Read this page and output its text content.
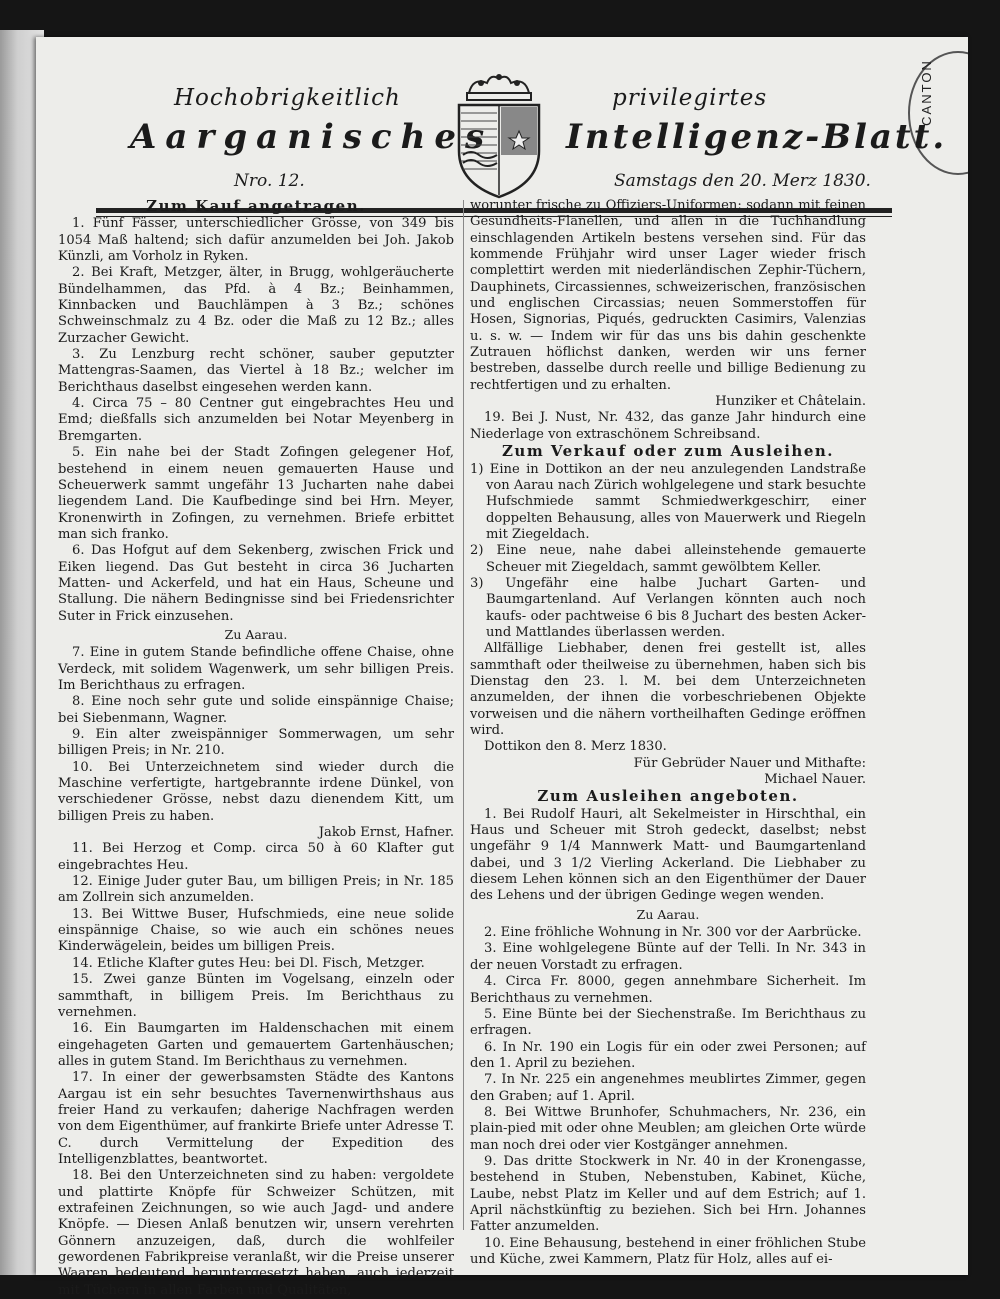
CANTON
Hochobrigkeitlich
Aarganisches
privilegirtes
Intelligenz-Blatt.
Nro. 12.	Samstags den 20. Merz 1830.
Zum Kauf angetragen.

1. Fünf Fässer, unterschiedlicher Grösse, von 349 bis 1054 Maß haltend; sich dafür anzumelden bei Joh. Jakob Künzli, am Vorholz in Ryken.

2. Bei Kraft, Metzger, älter, in Brugg, wohlgeräucherte Bündelhammen, das Pfd. à 4 Bz.; Beinhammen, Kinnbacken und Bauchlämpen à 3 Bz.; schönes Schweinschmalz zu 4 Bz. oder die Maß zu 12 Bz.; alles Zurzacher Gewicht.

3. Zu Lenzburg recht schöner, sauber geputzter Mattengras-Saamen, das Viertel à 18 Bz.; welcher im Berichthaus daselbst eingesehen werden kann.

4. Circa 75 – 80 Centner gut eingebrachtes Heu und Emd; dießfalls sich anzumelden bei Notar Meyenberg in Bremgarten.

5. Ein nahe bei der Stadt Zofingen gelegener Hof, bestehend in einem neuen gemauerten Hause und Scheuerwerk sammt ungefähr 13 Jucharten nahe dabei liegendem Land. Die Kaufbedinge sind bei Hrn. Meyer, Kronenwirth in Zofingen, zu vernehmen. Briefe erbittet man sich franko.

6. Das Hofgut auf dem Sekenberg, zwischen Frick und Eiken liegend. Das Gut besteht in circa 36 Jucharten Matten- und Ackerfeld, und hat ein Haus, Scheune und Stallung. Die nähern Bedingnisse sind bei Friedensrichter Suter in Frick einzusehen.

Zu Aarau.

7. Eine in gutem Stande befindliche offene Chaise, ohne Verdeck, mit solidem Wagenwerk, um sehr billigen Preis. Im Berichthaus zu erfragen.

8. Eine noch sehr gute und solide einspännige Chaise; bei Siebenmann, Wagner.

9. Ein alter zweispänniger Sommerwagen, um sehr billigen Preis; in Nr. 210.

10. Bei Unterzeichnetem sind wieder durch die Maschine verfertigte, hartgebrannte irdene Dünkel, von verschiedener Grösse, nebst dazu dienendem Kitt, um billigen Preis zu haben.

Jakob Ernst, Hafner.

11. Bei Herzog et Comp. circa 50 à 60 Klafter gut eingebrachtes Heu.

12. Einige Juder guter Bau, um billigen Preis; in Nr. 185 am Zollrein sich anzumelden.

13. Bei Wittwe Buser, Hufschmieds, eine neue solide einspännige Chaise, so wie auch ein schönes neues Kinderwägelein, beides um billigen Preis.

14. Etliche Klafter gutes Heu: bei Dl. Fisch, Metzger.

15. Zwei ganze Bünten im Vogelsang, einzeln oder sammthaft, in billigem Preis. Im Berichthaus zu vernehmen.

16. Ein Baumgarten im Haldenschachen mit einem eingehageten Garten und gemauertem Gartenhäuschen; alles in gutem Stand. Im Berichthaus zu vernehmen.

17. In einer der gewerbsamsten Städte des Kantons Aargau ist ein sehr besuchtes Tavernenwirthshaus aus freier Hand zu verkaufen; daherige Nachfragen werden von dem Eigenthümer, auf frankirte Briefe unter Adresse T. C. durch Vermittelung der Expedition des Intelligenzblattes, beantwortet.

18. Bei den Unterzeichneten sind zu haben: vergoldete und plattirte Knöpfe für Schweizer Schützen, mit extrafeinen Zeichnungen, so wie auch Jagd- und andere Knöpfe. — Diesen Anlaß benutzen wir, unsern verehrten Gönnern anzuzeigen, daß, durch die wohlfeiler gewordenen Fabrikpreise veranlaßt, wir die Preise unserer Waaren bedeutend heruntergesetzt haben, auch jederzeit mit Tüchern in allen Farben und Qualitäten,

worunter frische zu Offiziers-Uniformen; sodann mit feinen Gesundheits-Flanellen, und allen in die Tuchhandlung einschlagenden Artikeln bestens versehen sind. Für das kommende Frühjahr wird unser Lager wieder frisch complettirt werden mit niederländischen Zephir-Tüchern, Dauphinets, Circassiennes, schweizerischen, französischen und englischen Circassias; neuen Sommerstoffen für Hosen, Signorias, Piqués, gedruckten Casimirs, Valenzias u. s. w. — Indem wir für das uns bis dahin geschenkte Zutrauen höflichst danken, werden wir uns ferner bestreben, dasselbe durch reelle und billige Bedienung zu rechtfertigen und zu erhalten.

Hunziker et Châtelain.

19. Bei J. Nust, Nr. 432, das ganze Jahr hindurch eine Niederlage von extraschönem Schreibsand.

Zum Verkauf oder zum Ausleihen.

1) Eine in Dottikon an der neu anzulegenden Landstraße von Aarau nach Zürich wohlgelegene und stark besuchte Hufschmiede sammt Schmiedwerkgeschirr, einer doppelten Behausung, alles von Mauerwerk und Riegeln mit Ziegeldach.

2) Eine neue, nahe dabei alleinstehende gemauerte Scheuer mit Ziegeldach, sammt gewölbtem Keller.

3) Ungefähr eine halbe Juchart Garten- und Baumgartenland. Auf Verlangen könnten auch noch kaufs- oder pachtweise 6 bis 8 Juchart des besten Acker- und Mattlandes überlassen werden.

Allfällige Liebhaber, denen frei gestellt ist, alles sammthaft oder theilweise zu übernehmen, haben sich bis Dienstag den 23. l. M. bei dem Unterzeichneten anzumelden, der ihnen die vorbeschriebenen Objekte vorweisen und die nähern vortheilhaften Gedinge eröffnen wird.

Dottikon den 8. Merz 1830.

Für Gebrüder Nauer und Mithafte:

Michael Nauer.

Zum Ausleihen angeboten.

1. Bei Rudolf Hauri, alt Sekelmeister in Hirschthal, ein Haus und Scheuer mit Stroh gedeckt, daselbst; nebst ungefähr 9 1/4 Mannwerk Matt- und Baumgartenland dabei, und 3 1/2 Vierling Ackerland. Die Liebhaber zu diesem Lehen können sich an den Eigenthümer der Dauer des Lehens und der übrigen Gedinge wegen wenden.

Zu Aarau.

2. Eine fröhliche Wohnung in Nr. 300 vor der Aarbrücke.

3. Eine wohlgelegene Bünte auf der Telli. In Nr. 343 in der neuen Vorstadt zu erfragen.

4. Circa Fr. 8000, gegen annehmbare Sicherheit. Im Berichthaus zu vernehmen.

5. Eine Bünte bei der Siechenstraße. Im Berichthaus zu erfragen.

6. In Nr. 190 ein Logis für ein oder zwei Personen; auf den 1. April zu beziehen.

7. In Nr. 225 ein angenehmes meublirtes Zimmer, gegen den Graben; auf 1. April.

8. Bei Wittwe Brunhofer, Schuhmachers, Nr. 236, ein plain-pied mit oder ohne Meublen; am gleichen Orte würde man noch drei oder vier Kostgänger annehmen.

9. Das dritte Stockwerk in Nr. 40 in der Kronengasse, bestehend in Stuben, Nebenstuben, Kabinet, Küche, Laube, nebst Platz im Keller und auf dem Estrich; auf 1. April nächstkünftig zu beziehen. Sich bei Hrn. Johannes Fatter anzumelden.

10. Eine Behausung, bestehend in einer fröhlichen Stube und Küche, zwei Kammern, Platz für Holz, alles auf ei-
